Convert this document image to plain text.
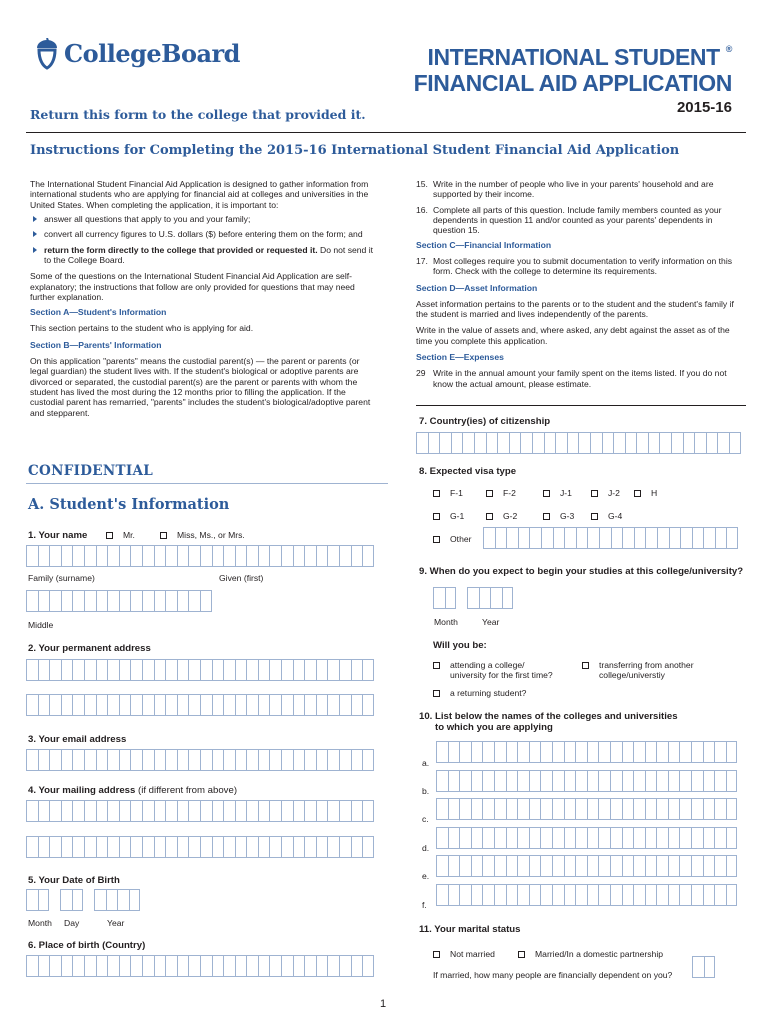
CollegeBoard	INTERNATIONAL STUDENT ®
FINANCIAL AID APPLICATION
2015-16
Return this form to the college that provided it.
Instructions for Completing the 2015-16 International Student Financial Aid Application
The International Student Financial Aid Application is designed to gather information from international students who are applying for financial aid at colleges and universities in the United States. When completing the application, it is important to:
answer all questions that apply to you and your family;
convert all currency figures to U.S. dollars ($) before entering them on the form; and
return the form directly to the college that provided or requested it. Do not send it to the College Board.
Some of the questions on the International Student Financial Aid Application are self-explanatory; the instructions that follow are only provided for questions that may need further explanation.
Section A—Student's Information
This section pertains to the student who is applying for aid.
Section B—Parents' Information
On this application "parents" means the custodial parent(s) — the parent or parents (or legal guardian) the student lives with. If the student's biological or adoptive parents are divorced or separated, the custodial parent(s) are the parent or parents with whom the student has lived the most during the 12 months prior to filling the application. If the custodial parent has remarried, "parents" includes the student's biological/adoptive parent and stepparent.
15. Write in the number of people who live in your parents' household and are supported by their income.
16. Complete all parts of this question. Include family members counted as your dependents in question 11 and/or counted as your parents' dependents in question 15.
Section C—Financial Information
17. Most colleges require you to submit documentation to verify information on this form. Check with the college to determine its requirements.
Section D—Asset Information
Asset information pertains to the parents or to the student and the student's family if the student is married and lives independently of the parents.
Write in the value of assets and, where asked, any debt against the asset as of the time you complete this application.
Section E—Expenses
29 Write in the annual amount your family spent on the items listed. If you do not know the actual amount, please estimate.
CONFIDENTIAL
A. Student's Information
1. Your name	Mr.	Miss, Ms., or Mrs.
Family (surname)	Given (first)
Middle
2. Your permanent address
3. Your email address
4. Your mailing address (if different from above)
5. Your Date of Birth
Month Day	Year
6. Place of birth (Country)
7. Country(ies) of citizenship
8. Expected visa type
F-1	F-2	J-1	J-2	H
G-1	G-2	G-3	G-4
Other
9. When do you expect to begin your studies at this college/university?
Month	Year
Will you be:
attending a college/
university for the first time?
transferring from another
college/universtiy
a returning student?
10. List below the names of the colleges and universities
to which you are applying
a.
b.
c.
d.
e.
f.
11. Your marital status
Not married	Married/In a domestic partnership
If married, how many people are financially dependent on you?
1
